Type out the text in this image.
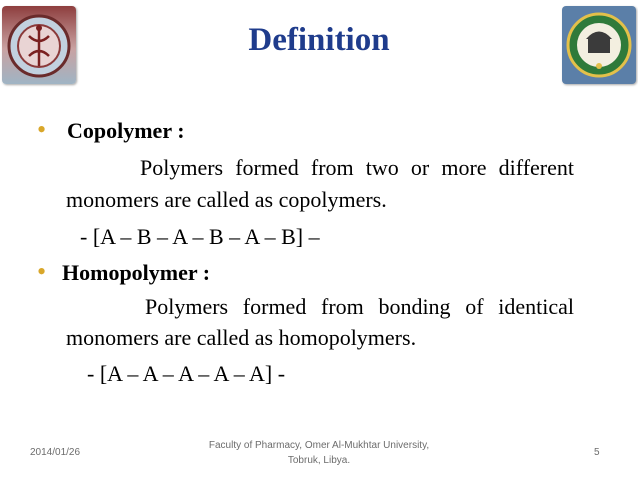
Definition
• Copolymer :
Polymers formed from two or more different
monomers are called as copolymers.
- [A – B – A – B – A – B] –
• Homopolymer :
Polymers formed from bonding of identical
monomers are called as homopolymers.
- [A – A – A – A – A] -
2014/01/26
Faculty of Pharmacy, Omer Al-Mukhtar University,
Tobruk, Libya.
5
